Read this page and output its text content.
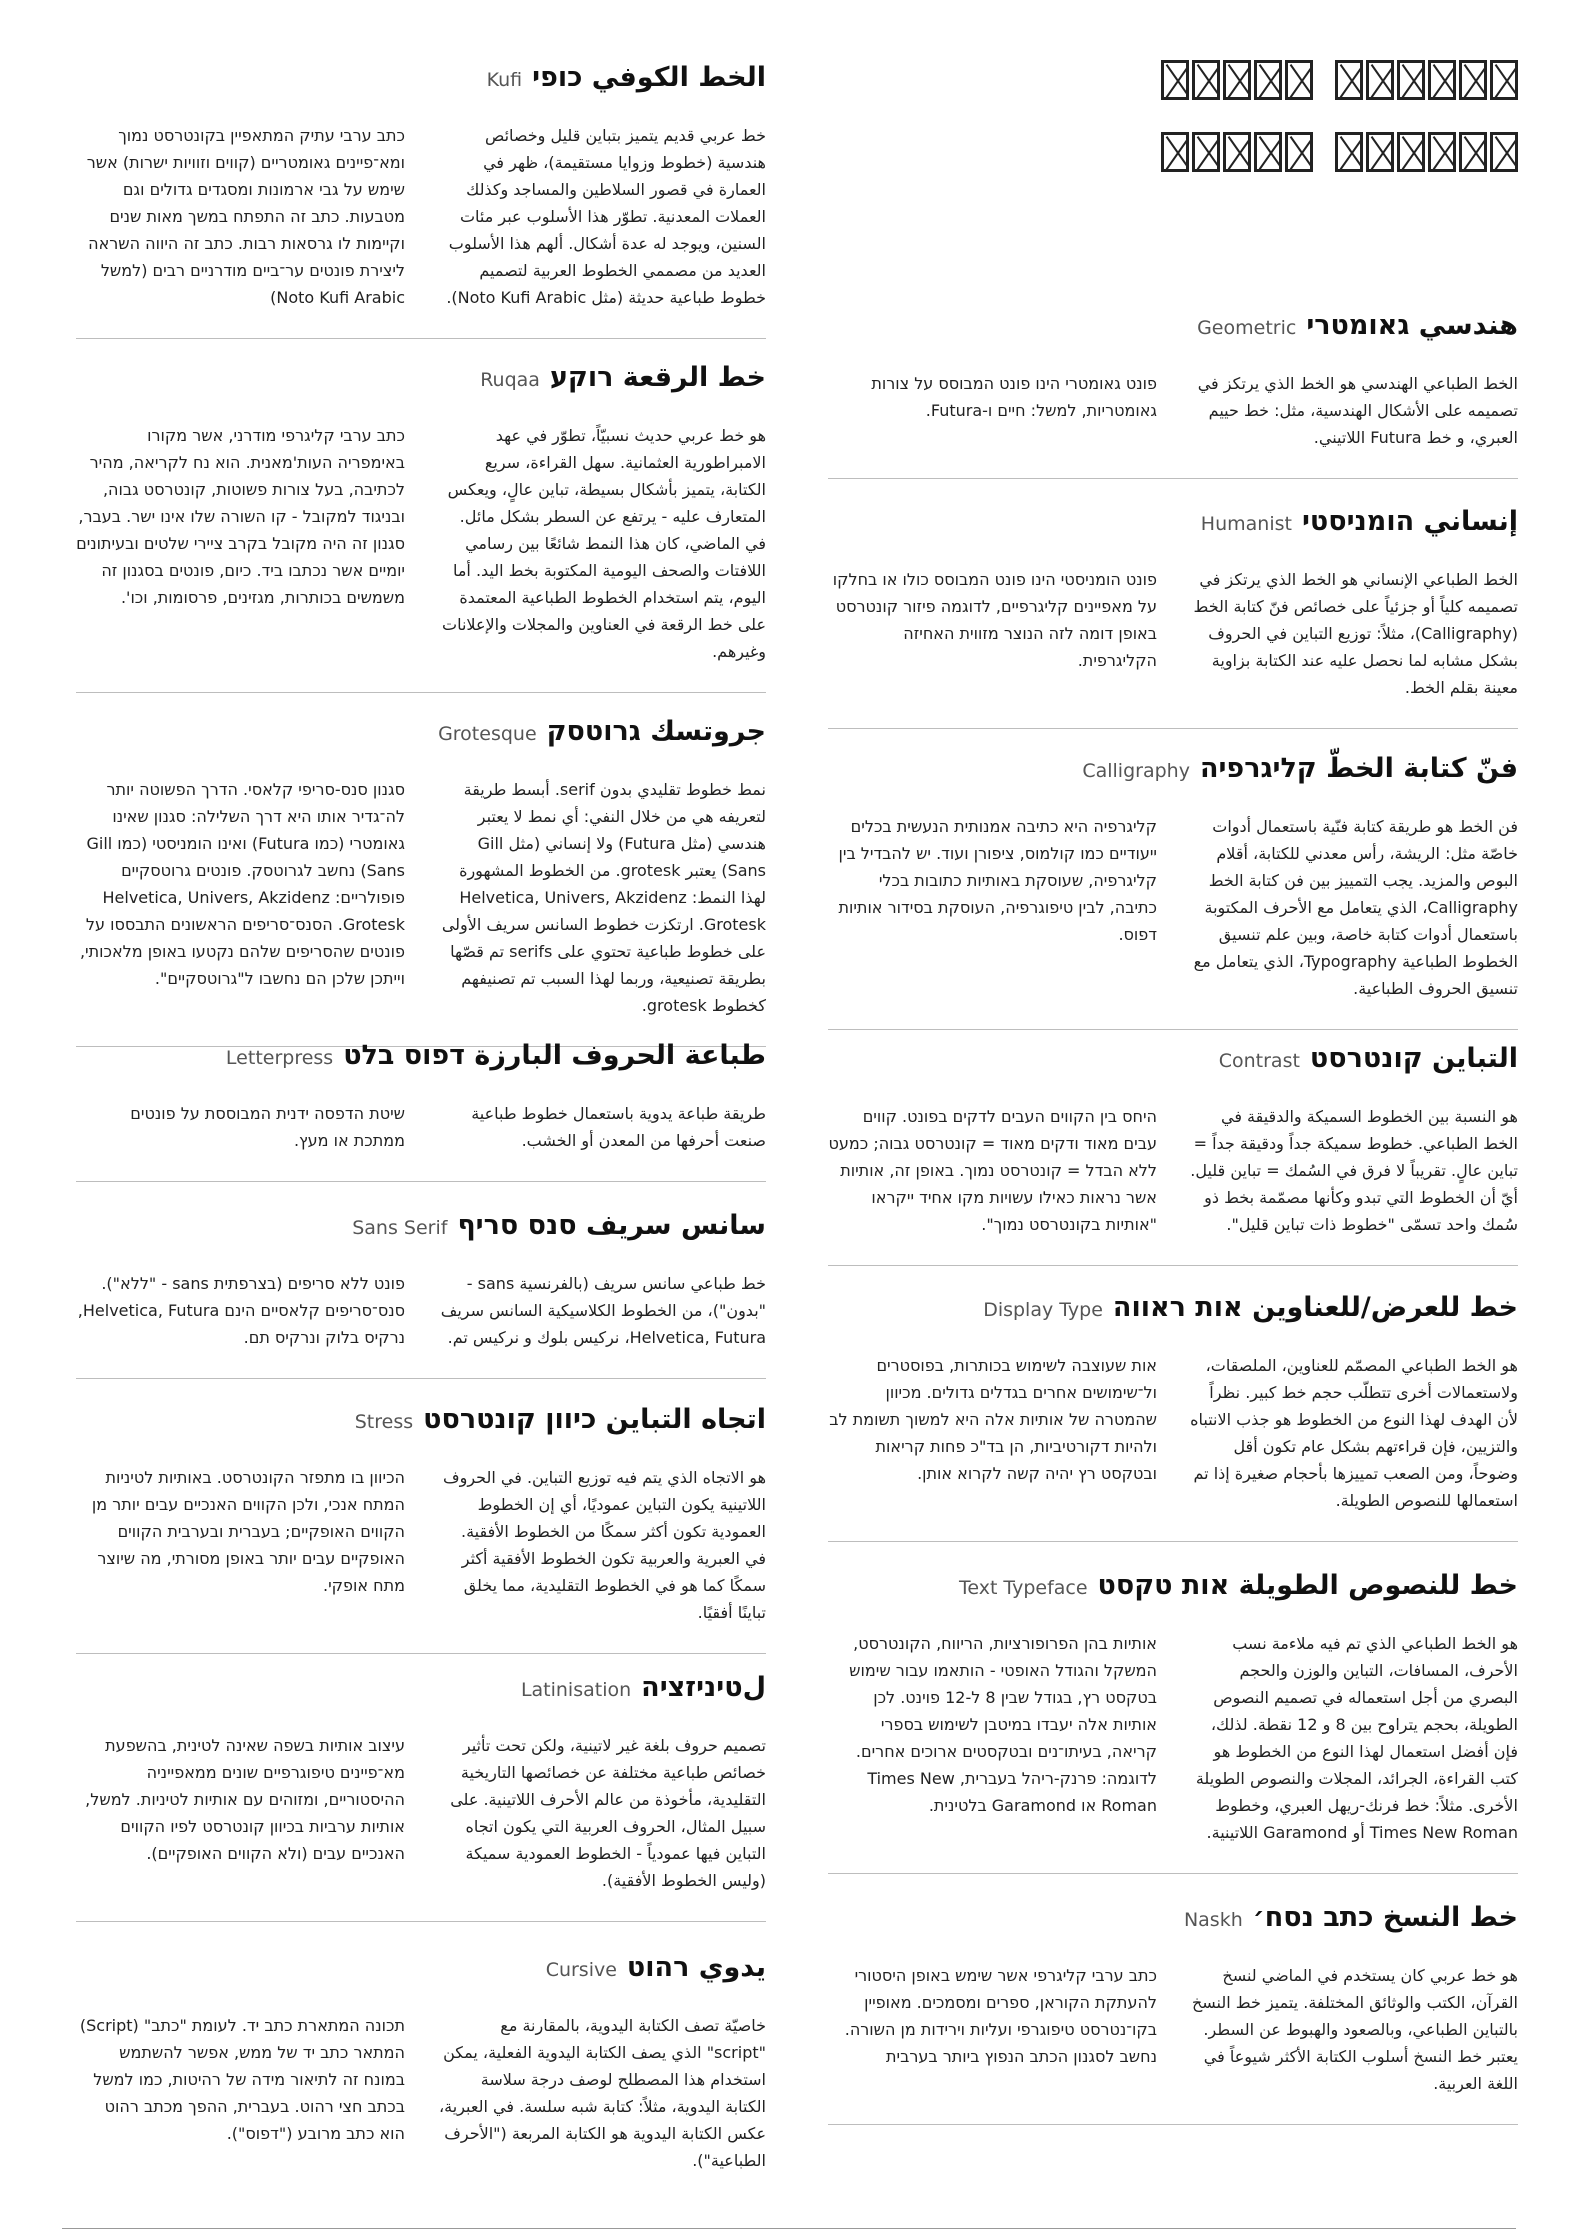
هندسي גאומטרי
Geometric

الخط الطباعي الهندسي هو الخط الذي يرتكز في تصميمه على الأشكال الهندسية، مثل: خط حييم العبري، و خط Futura اللاتيني.

פונט גאומטרי הינו פונט המבוסס על צורות גאומטריות, למשל: חיים ו-Futura.

إنساني הומניסטי
Humanist

الخط الطباعي الإنساني هو الخط الذي يرتكز في تصميمه كلياً أو جزئياً على خصائص فنّ كتابة الخط (Calligraphy)، مثلاً: توزيع التباين في الحروف بشكل مشابه لما نحصل عليه عند الكتابة بزاوية معينة بقلم الخط.

פונט הומניסטי הינו פונט המבוסס כולו או בחלקו על מאפיינים קליגרפיים, לדוגמה פיזור קונטרסט באופן דומה לזה הנוצר מזווית האחיזה הקליגרפית.

فنّ كتابة الخطّ קליגרפיה
Calligraphy

فن الخط هو طريقة كتابة فنّية باستعمال أدوات خاصّة مثل: الريشة، رأس معدني للكتابة، أقلام البوص والمزيد. يجب التمييز بين فن كتابة الخط Calligraphy، الذي يتعامل مع الأحرف المكتوبة باستعمال أدوات كتابة خاصة، وبين علم تنسيق الخطوط الطباعية Typography، الذي يتعامل مع تنسيق الحروف الطباعية.

קליגרפיה היא כתיבה אמנותית הנעשית בכלים ייעודיים כמו קולמוס, ציפורן ועוד. יש להבדיל בין קליגרפיה, שעוסקת באותיות כתובות בכלי כתיבה, לבין טיפוגרפיה, העוסקת בסידור אותיות דפוס.

التباين קונטרסט
Contrast

هو النسبة بين الخطوط السميكة والدقيقة في الخط الطباعي. خطوط سميكة جداً ودقيقة جداً = تباين عالٍ. تقريباً لا فرق في السُمك = تباين قليل. أيّ أن الخطوط التي تبدو وكأنها مصمّمة بخط ذو سُمك واحد تسمّى "خطوط ذات تباين قليل".

היחס בין הקווים העבים לדקים בפונט. קווים עבים מאוד ודקים מאוד = קונטרסט גבוה; כמעט ללא הבדל = קונטרסט נמוך. באופן זה, אותיות אשר נראות כאילו עשויות מקו אחיד ייקראו "אותיות בקונטרסט נמוך".

خط للعرض/للعناوين אות ראווה
Display Type

هو الخط الطباعي المصمّم للعناوين، الملصقات، ولاستعمالات أخرى تتطلّب حجم خط كبير. نظراً لأن الهدف لهذا النوع من الخطوط هو جذب الانتباه والتزيين، فإن قراءتهم بشكل عام تكون أقل وضوحاً، ومن الصعب تمييزها بأحجام صغيرة إذا تم استعمالها للنصوص الطويلة.

אות שעוצבה לשימוש בכותרות, בפוסטרים ול־שימושים אחרים בגדלים גדולים. מכיוון שהמטרה של אותיות אלה היא למשוך תשומת לב ולהיות דקורטיביות, הן בד"כ פחות קריאות ובטקסט רץ יהיה קשה לקרוא אותן.

خط للنصوص الطويلة אות טקסט
Text Typeface

هو الخط الطباعي الذي تم فيه ملاءمة نسب الأحرف، المسافات، التباين والوزن والحجم البصري من أجل استعماله في تصميم النصوص الطويلة، بحجم يتراوح بين 8 و 12 نقطة. لذلك، فإن أفضل استعمال لهذا النوع من الخطوط هو كتب القراءة، الجرائد، المجلات والنصوص الطويلة الأخرى. مثلاً: خط فرنك-ريهل العبري، وخطوط Times New Roman أو Garamond اللاتينية.

אותיות בהן הפרופורציות, הריווח, הקונטרסט, המשקל והגודל האופטי - הותאמו עבור שימוש בטקסט רץ, בגודל שבין 8 ל-12 פוינט. לכן אותיות אלה יעבדו במיטבן לשימוש בספרי קריאה, בעיתו־נים ובטקסטים ארוכים אחרים. לדוגמה: פרנק-ריהל בעברית, Times New Roman או Garamond בלטינית.

خط النسخ כתב נסח׳
Naskh

هو خط عربي كان يستخدم في الماضي لنسخ القرآن، الكتب والوثائق المختلفة. يتميز خط النسخ بالتباين الطباعي، وبالصعود والهبوط عن السطر. يعتبر خط النسخ أسلوب الكتابة الأكثر شيوعاً في اللغة العربية.

כתב ערבי קליגרפי אשר שימש באופן היסטורי להעתקת הקוראן, ספרים ומסמכים. מאופיין בקו־נטרסט טיפוגרפי ועליות וירידות מן השורה. נחשב לסגנון הכתב הנפוץ ביותר בערבית

الخط الكوفي כופי
Kufi

خط عربي قديم يتميز بتباين قليل وخصائص هندسية (خطوط وزوايا مستقيمة)، ظهر في العمارة في قصور السلاطين والمساجد وكذلك العملات المعدنية. تطوّر هذا الأسلوب عبر مئات السنين، ويوجد له عدة أشكال. ألهم هذا الأسلوب العديد من مصممي الخطوط العربية لتصميم خطوط طباعية حديثة (مثل Noto Kufi Arabic).

כתב ערבי עתיק המתאפיין בקונטרסט נמוך ומא־פיינים גאומטריים (קווים וזוויות ישרות) אשר שימש על גבי ארמונות ומסגדים גדולים וגם מטבעות. כתב זה התפתח במשך מאות שנים וקיימות לו גרסאות רבות. כתב זה היווה השראה ליצירת פונטים ער־ביים מודרניים רבים (למשל Noto Kufi Arabic)

خط الرقعة רוקע
Ruqaa

هو خط عربي حديث نسبيّاً، تطوّر في عهد الامبراطورية العثمانية. سهل القراءة، سريع الكتابة، يتميز بأشكال بسيطة، تباين عالٍ، ويعكس المتعارف عليه - يرتفع عن السطر بشكل مائل. في الماضي، كان هذا النمط شائعًا بين رسامي اللافتات والصحف اليومية المكتوبة بخط اليد. أما اليوم، يتم استخدام الخطوط الطباعية المعتمدة على خط الرقعة في العناوين والمجلات والإعلانات وغيرهم.

כתב ערבי קליגרפי מודרני, אשר מקורו באימפריה העות'מאנית. הוא נח לקריאה, מהיר לכתיבה, בעל צורות פשוטות, קונטרסט גבוה, ובניגוד למקובל - קו השורה שלו אינו ישר. בעבר, סגנון זה היה מקובל בקרב ציירי שלטים ובעיתונים יומיים אשר נכתבו ביד. כיום, פונטים בסגנון זה משמשים בכותרות, מגזינים, פרסומות, וכו'.

جروتسك גרוטסק
Grotesque

نمط خطوط تقليدي بدون serif. أبسط طريقة لتعريفه هي من خلال النفي: أي نمط لا يعتبر هندسي (مثل Futura) ولا إنساني (مثل Gill Sans) يعتبر grotesk. من الخطوط المشهورة لهذا النمط: Helvetica, Univers, Akzidenz Grotesk. ارتكزت خطوط السانس سريف الأولى على خطوط طباعية تحتوي على serifs تم قصّها بطريقة تصنيعية، وربما لهذا السبب تم تصنيفهم كخطوط grotesk.

סגנון סנס-סריפי קלאסי. הדרך הפשוטה יותר לה־גדיר אותו היא דרך השלילה: סגנון שאינו גאומטרי (כמו Futura) ואינו הומניסטי (כמו Gill Sans) נחשב לגרוטסק. פונטים גרוטסקיים פופולריים: Helvetica, Univers, Akzidenz Grotesk. הסנס־סריפים הראשונים התבססו על פונטים שהסריפים שלהם נקטעו באופן מלאכותי, וייתכן שלכן הם נחשבו ל"גרוטסקיים".

طباعة الحروف البارزة דפוס בלט
Letterpress

طريقة طباعة يدوية باستعمال خطوط طباعية صنعت أحرفها من المعدن أو الخشب.

שיטת הדפסה ידנית המבוססת על פונטים ממתכת או מעץ.

سانس سريف סנס סריף
Sans Serif

خط طباعي سانس سريف (بالفرنسية sans - "بدون")، من الخطوط الكلاسيكية السانس سريف Helvetica, Futura، نركيس بلوك و نركيس تم.

פונט ללא סריפים (בצרפתית sans - "ללא"). סנס־סריפים קלאסיים הינם Helvetica, Futura, נרקיס בלוק ונרקיס תם.

اتجاه التباين כיוון קונטרסט
Stress

هو الاتجاه الذي يتم فيه توزيع التباين. في الحروف اللاتينية يكون التباين عموديًا، أي إن الخطوط العمودية تكون أكثر سمكًا من الخطوط الأفقية. في العبرية والعربية تكون الخطوط الأفقية أكثر سمكًا كما هو في الخطوط التقليدية، مما يخلق تباينًا أفقيًا.

הכיוון בו מתפזר הקונטרסט. באותיות לטיניות המתח אנכי, ולכן הקווים האנכיים עבים יותר מן הקווים האופקיים; בעברית ובערבית הקווים האופקיים עבים יותר באופן מסורתי, מה שיוצר מתח אופקי.

لטיניזציה
Latinisation

تصميم حروف بلغة غير لاتينية، ولكن تحت تأثير خصائص طباعية مختلفة عن خصائصها التاريخية التقليدية، مأخوذة من عالم الأحرف اللاتينية. على سبيل المثال، الحروف العربية التي يكون اتجاه التباين فيها عمودياً - الخطوط العمودية سميكة (وليس الخطوط الأفقية).

עיצוב אותיות בשפה שאינה לטינית, בהשפעת מא־פיינים טיפוגרפיים שונים ממאפייניה ההיסטוריים, ומזוהים עם אותיות לטיניות. למשל, אותיות ערביות בכיוון קונטרסט לפיו הקווים האנכיים עבים (ולא הקווים האופקיים).

يدوي רהוט
Cursive

خاصيّة تصف الكتابة اليدوية، بالمقارنة مع "script" الذي يصف الكتابة اليدوية الفعلية، يمكن استخدام هذا المصطلح لوصف درجة سلاسة الكتابة اليدوية، مثلاً: كتابة شبه سلسة. في العبرية، عكس الكتابة اليدوية هو الكتابة المربعة ("الأحرف الطباعية").

תכונה המתארת כתב יד. לעומת "כתב" (Script) המתאר כתב יד של ממש, אפשר להשתמש במונח זה לתיאור מידה של רהיטות, כמו למשל בכתב חצי רהוט. בעברית, ההפך מכתב רהוט הוא כתב מרובע ("דפוס").
